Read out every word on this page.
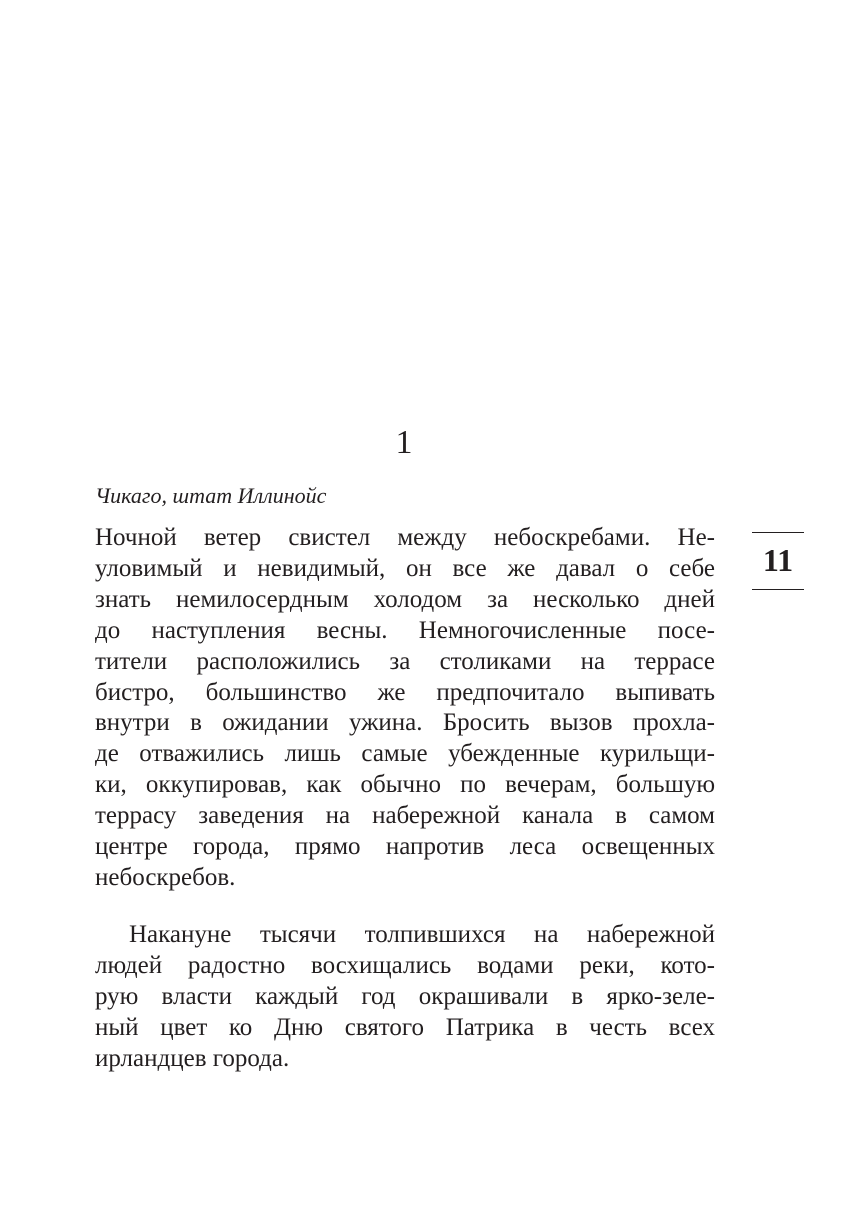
1

Чикаго, штат Иллинойс

Ночной ветер свистел между небоскребами. Не-
уловимый и невидимый, он все же давал о себе
знать немилосердным холодом за несколько дней
до наступления весны. Немногочисленные посе-
тители расположились за столиками на террасе
бистро, большинство же предпочитало выпивать
внутри в ожидании ужина. Бросить вызов прохла-
де отважились лишь самые убежденные курильщи-
ки, оккупировав, как обычно по вечерам, большую
террасу заведения на набережной канала в самом
центре города, прямо напротив леса освещенных
небоскребов.
Накануне тысячи толпившихся на набережной
людей радостно восхищались водами реки, кото-
рую власти каждый год окрашивали в ярко-зеле-
ный цвет ко Дню святого Патрика в честь всех
ирландцев города.
11
